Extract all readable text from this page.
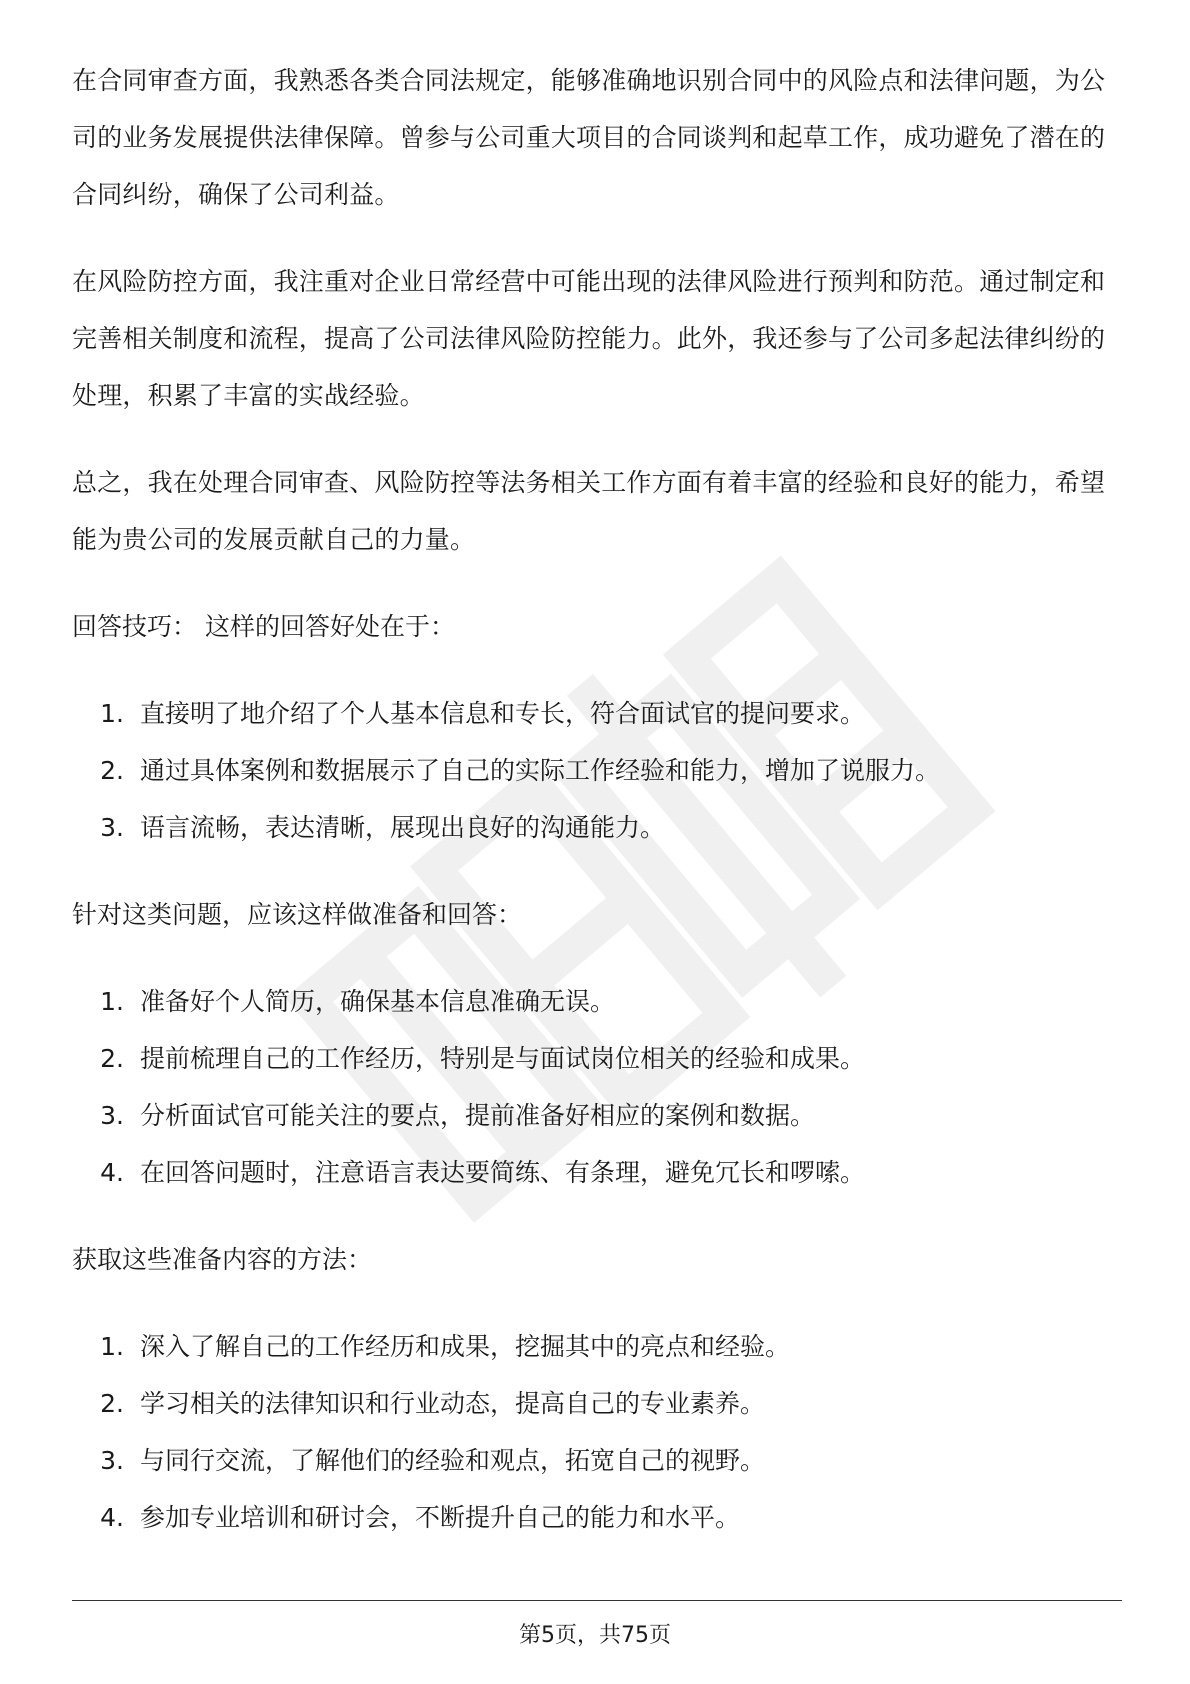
在合同审查方面，我熟悉各类合同法规定，能够准确地识别合同中的风险点和法律问题，为公司的业务发展提供法律保障。曾参与公司重大项目的合同谈判和起草工作，成功避免了潜在的合同纠纷，确保了公司利益。

在风险防控方面，我注重对企业日常经营中可能出现的法律风险进行预判和防范。通过制定和完善相关制度和流程，提高了公司法律风险防控能力。此外，我还参与了公司多起法律纠纷的处理，积累了丰富的实战经验。

总之，我在处理合同审查、风险防控等法务相关工作方面有着丰富的经验和良好的能力，希望能为贵公司的发展贡献自己的力量。

回答技巧： 这样的回答好处在于：

1. 直接明了地介绍了个人基本信息和专长，符合面试官的提问要求。
2. 通过具体案例和数据展示了自己的实际工作经验和能力，增加了说服力。
3. 语言流畅，表达清晰，展现出良好的沟通能力。

针对这类问题，应该这样做准备和回答：

1. 准备好个人简历，确保基本信息准确无误。
2. 提前梳理自己的工作经历，特别是与面试岗位相关的经验和成果。
3. 分析面试官可能关注的要点，提前准备好相应的案例和数据。
4. 在回答问题时，注意语言表达要简练、有条理，避免冗长和啰嗦。

获取这些准备内容的方法：

1. 深入了解自己的工作经历和成果，挖掘其中的亮点和经验。
2. 学习相关的法律知识和行业动态，提高自己的专业素养。
3. 与同行交流，了解他们的经验和观点，拓宽自己的视野。
4. 参加专业培训和研讨会，不断提升自己的能力和水平。
第5页，共75页
